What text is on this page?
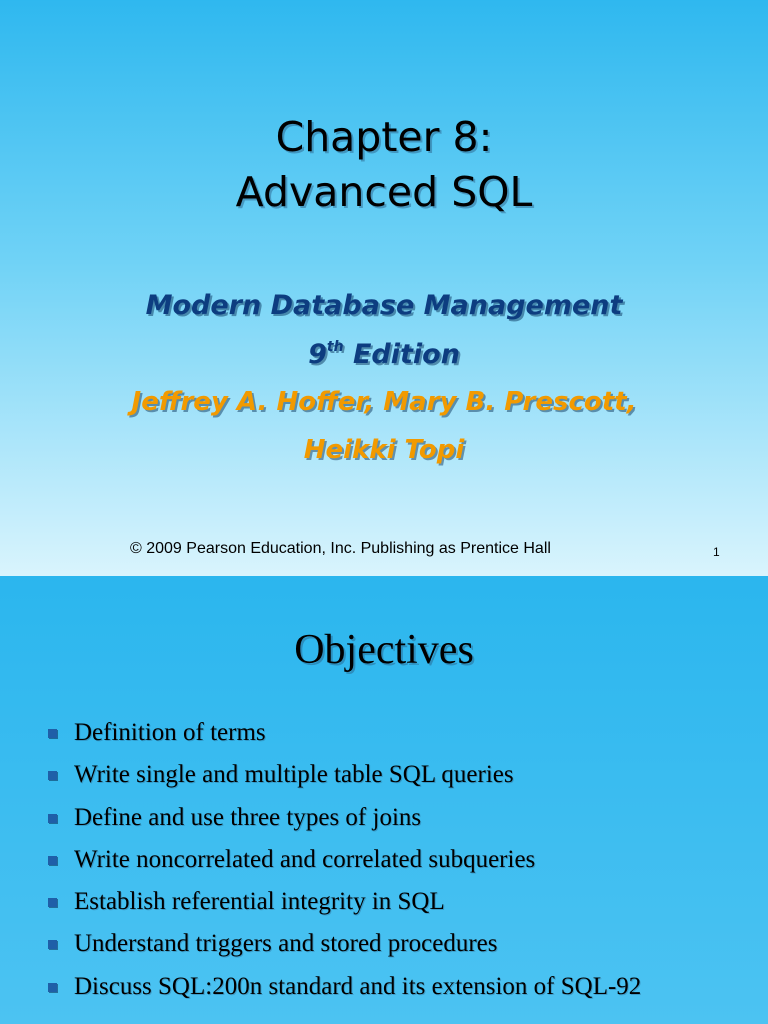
Chapter 8:
Advanced SQL
Modern Database Management
9th Edition
Jeffrey A. Hoffer, Mary B. Prescott,
Heikki Topi
© 2009 Pearson Education, Inc. Publishing as Prentice Hall	1
Objectives
Definition of terms
Write single and multiple table SQL queries
Define and use three types of joins
Write noncorrelated and correlated subqueries
Establish referential integrity in SQL
Understand triggers and stored procedures
Discuss SQL:200n standard and its extension of SQL-92
